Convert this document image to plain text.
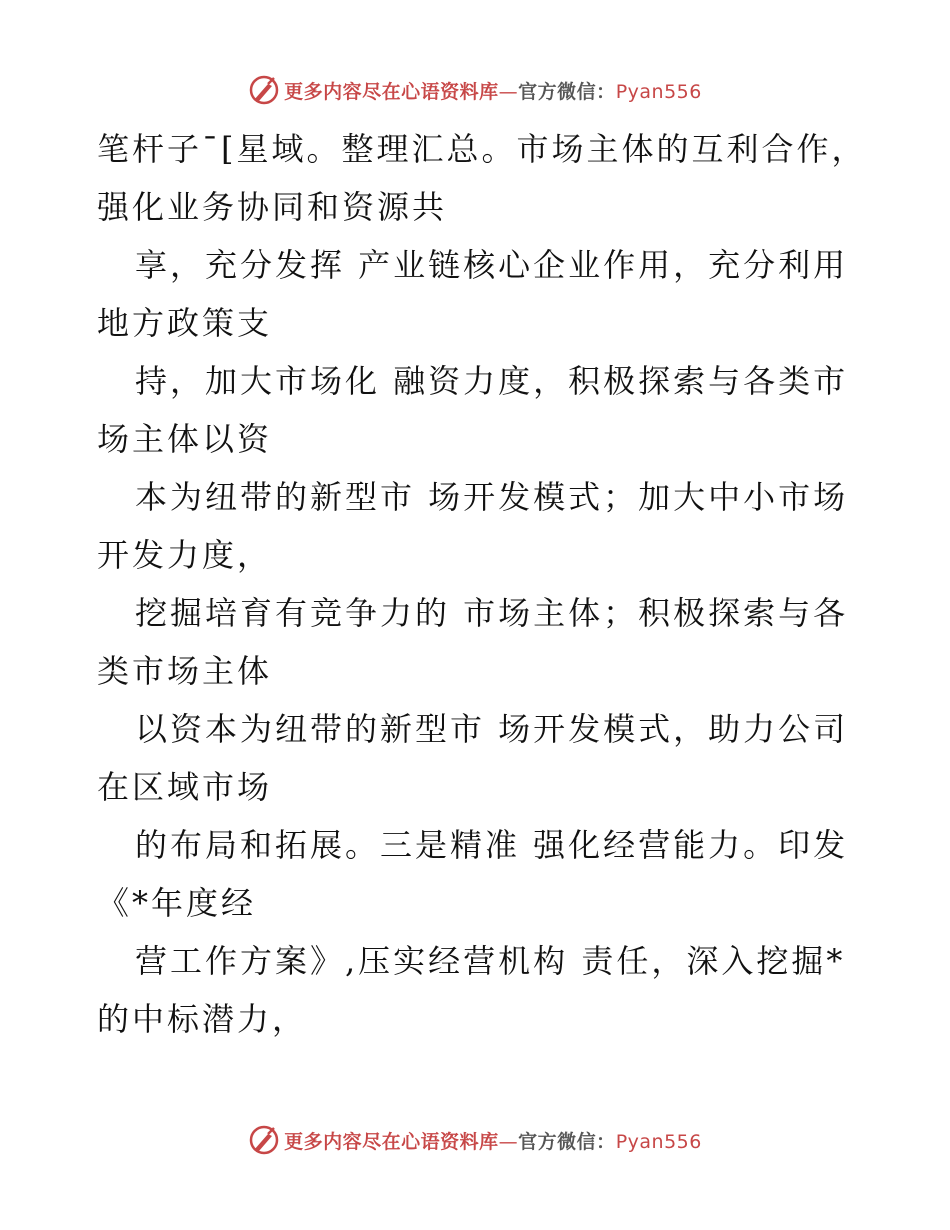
更多内容尽在心语资料库—官方微信：Pyan556

笔杆子¯[星域。整理汇总。市场主体的互利合作，

强化业务协同和资源共

享，充分发挥 产业链核心企业作用，充分利用

地方政策支

持，加大市场化 融资力度，积极探索与各类市

场主体以资

本为纽带的新型市 场开发模式；加大中小市场

开发力度，

挖掘培育有竞争力的 市场主体；积极探索与各

类市场主体

以资本为纽带的新型市 场开发模式，助力公司

在区域市场

的布局和拓展。三是精准 强化经营能力。印发

《*年度经

营工作方案》,压实经营机构 责任，深入挖掘*

的中标潜力，

更多内容尽在心语资料库—官方微信：Pyan556
